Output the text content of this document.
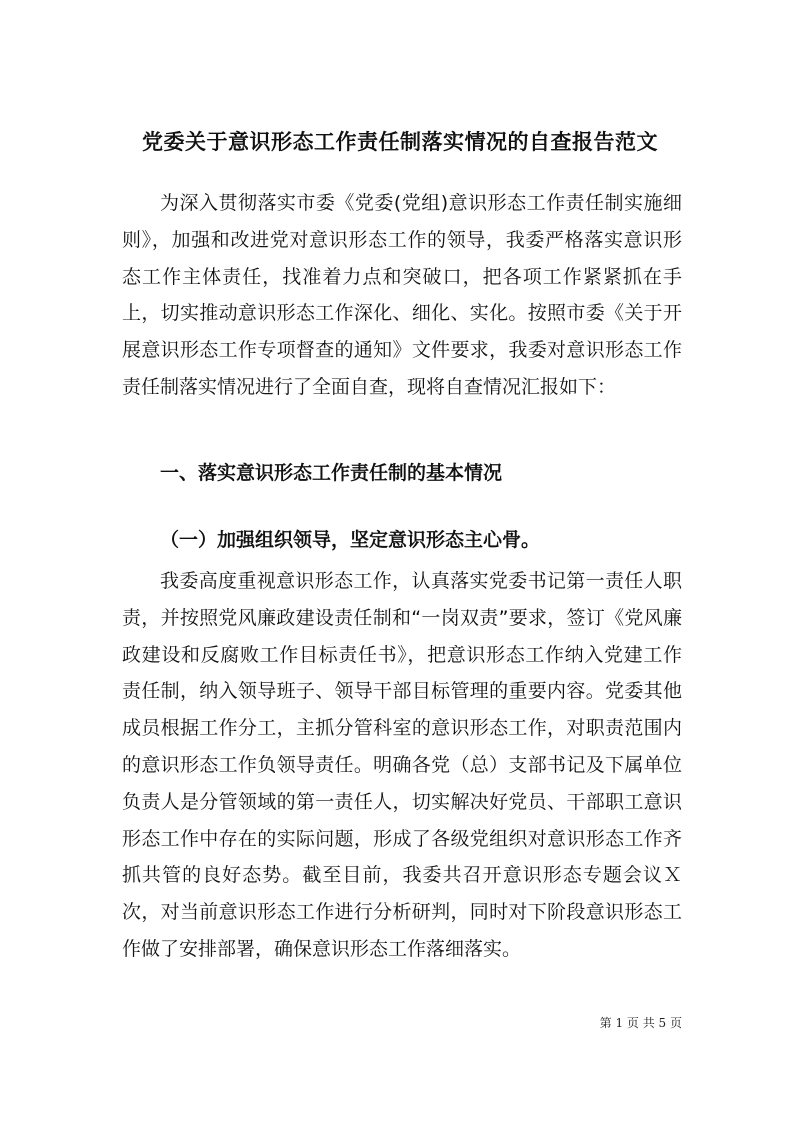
党委关于意识形态工作责任制落实情况的自查报告范文

为深入贯彻落实市委《党委(党组)意识形态工作责任制实施细则》，加强和改进党对意识形态工作的领导，我委严格落实意识形态工作主体责任，找准着力点和突破口，把各项工作紧紧抓在手上，切实推动意识形态工作深化、细化、实化。按照市委《关于开展意识形态工作专项督查的通知》文件要求，我委对意识形态工作责任制落实情况进行了全面自查，现将自查情况汇报如下：

一、落实意识形态工作责任制的基本情况
（一）加强组织领导，坚定意识形态主心骨。

我委高度重视意识形态工作，认真落实党委书记第一责任人职责，并按照党风廉政建设责任制和“一岗双责”要求，签订《党风廉政建设和反腐败工作目标责任书》，把意识形态工作纳入党建工作责任制，纳入领导班子、领导干部目标管理的重要内容。党委其他成员根据工作分工，主抓分管科室的意识形态工作，对职责范围内的意识形态工作负领导责任。明确各党（总）支部书记及下属单位负责人是分管领域的第一责任人，切实解决好党员、干部职工意识形态工作中存在的实际问题，形成了各级党组织对意识形态工作齐抓共管的良好态势。截至目前，我委共召开意识形态专题会议Ｘ次，对当前意识形态工作进行分析研判，同时对下阶段意识形态工作做了安排部署，确保意识形态工作落细落实。

第 1 页 共 5 页
